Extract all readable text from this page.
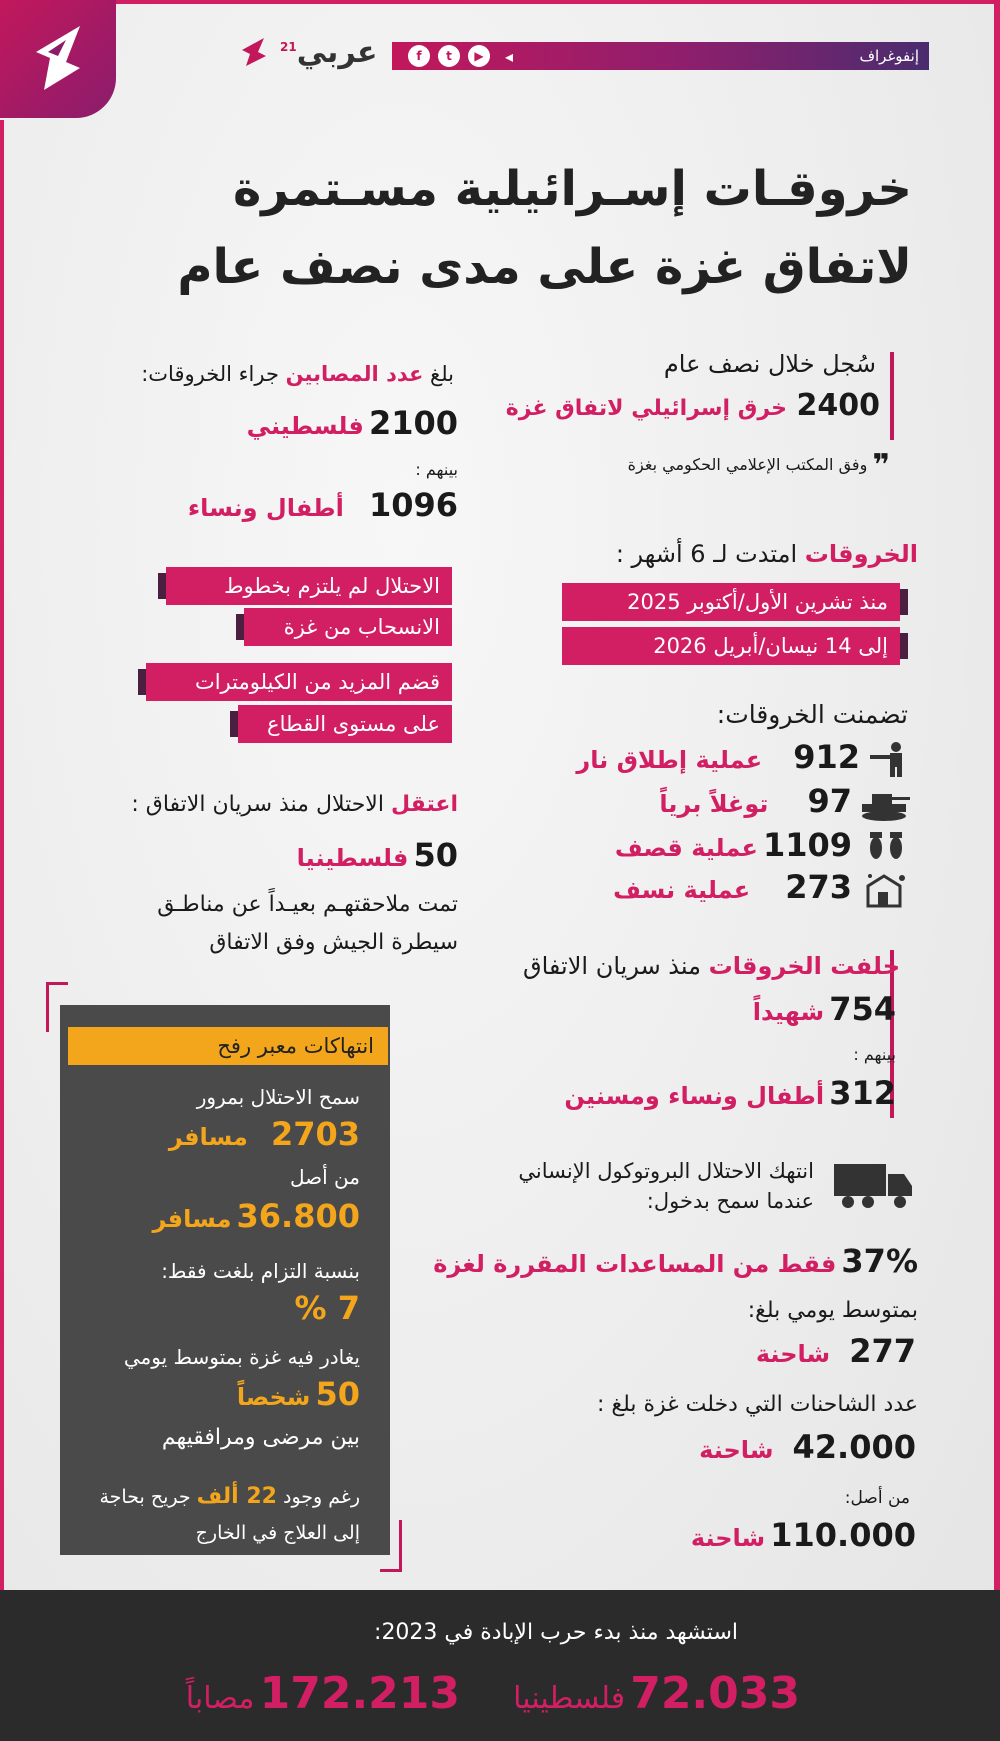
عربي$^{21}$
إنفوغراف
f	t	▶	◂
خروقـات إسـرائيلية مسـتمرة
لاتفاق غزة على مدى نصف عام
سُجل خلال نصف عام
2400 خرق إسرائيلي لاتفاق غزة
❞ وفق المكتب الإعلامي الحكومي بغزة
الخروقات امتدت لـ 6 أشهر :
منذ تشرين الأول/أكتوبر 2025
إلى 14 نيسان/أبريل 2026
تضمنت الخروقات:
912 عملية إطلاق نار
97 توغلاً برياً
1109 عملية قصف
273 عملية نسف
خلفت الخروقات منذ سريان الاتفاق
754 شهيداً
بينهم :
312 أطفال ونساء ومسنين
انتهك الاحتلال البروتوكول الإنساني
عندما سمح بدخول:
37% فقط من المساعدات المقررة لغزة
بمتوسط يومي بلغ:
277 شاحنة
عدد الشاحنات التي دخلت غزة بلغ :
42.000 شاحنة
من أصل:
110.000 شاحنة
بلغ عدد المصابين جراء الخروقات:
2100 فلسطيني
بينهم :
1096 أطفال ونساء
الاحتلال لم يلتزم بخطوط
الانسحاب من غزة
قضم المزيد من الكيلومترات
على مستوى القطاع
اعتقل الاحتلال منذ سريان الاتفاق :
50 فلسطينيا
تمت ملاحقتهـم بعيـداً عن مناطـق
سيطرة الجيش وفق الاتفاق
انتهاكات معبر رفح
سمح الاحتلال بمرور
2703 مسافر
من أصل
36.800 مسافر
بنسبة التزام بلغت فقط:
7 %
يغادر فيه غزة بمتوسط يومي
50 شخصاً
بين مرضى ومرافقيهم
رغم وجود 22 ألف جريح بحاجة
إلى العلاج في الخارج
استشهد منذ بدء حرب الإبادة في 2023:
72.033 فلسطينيا
172.213 مصاباً
